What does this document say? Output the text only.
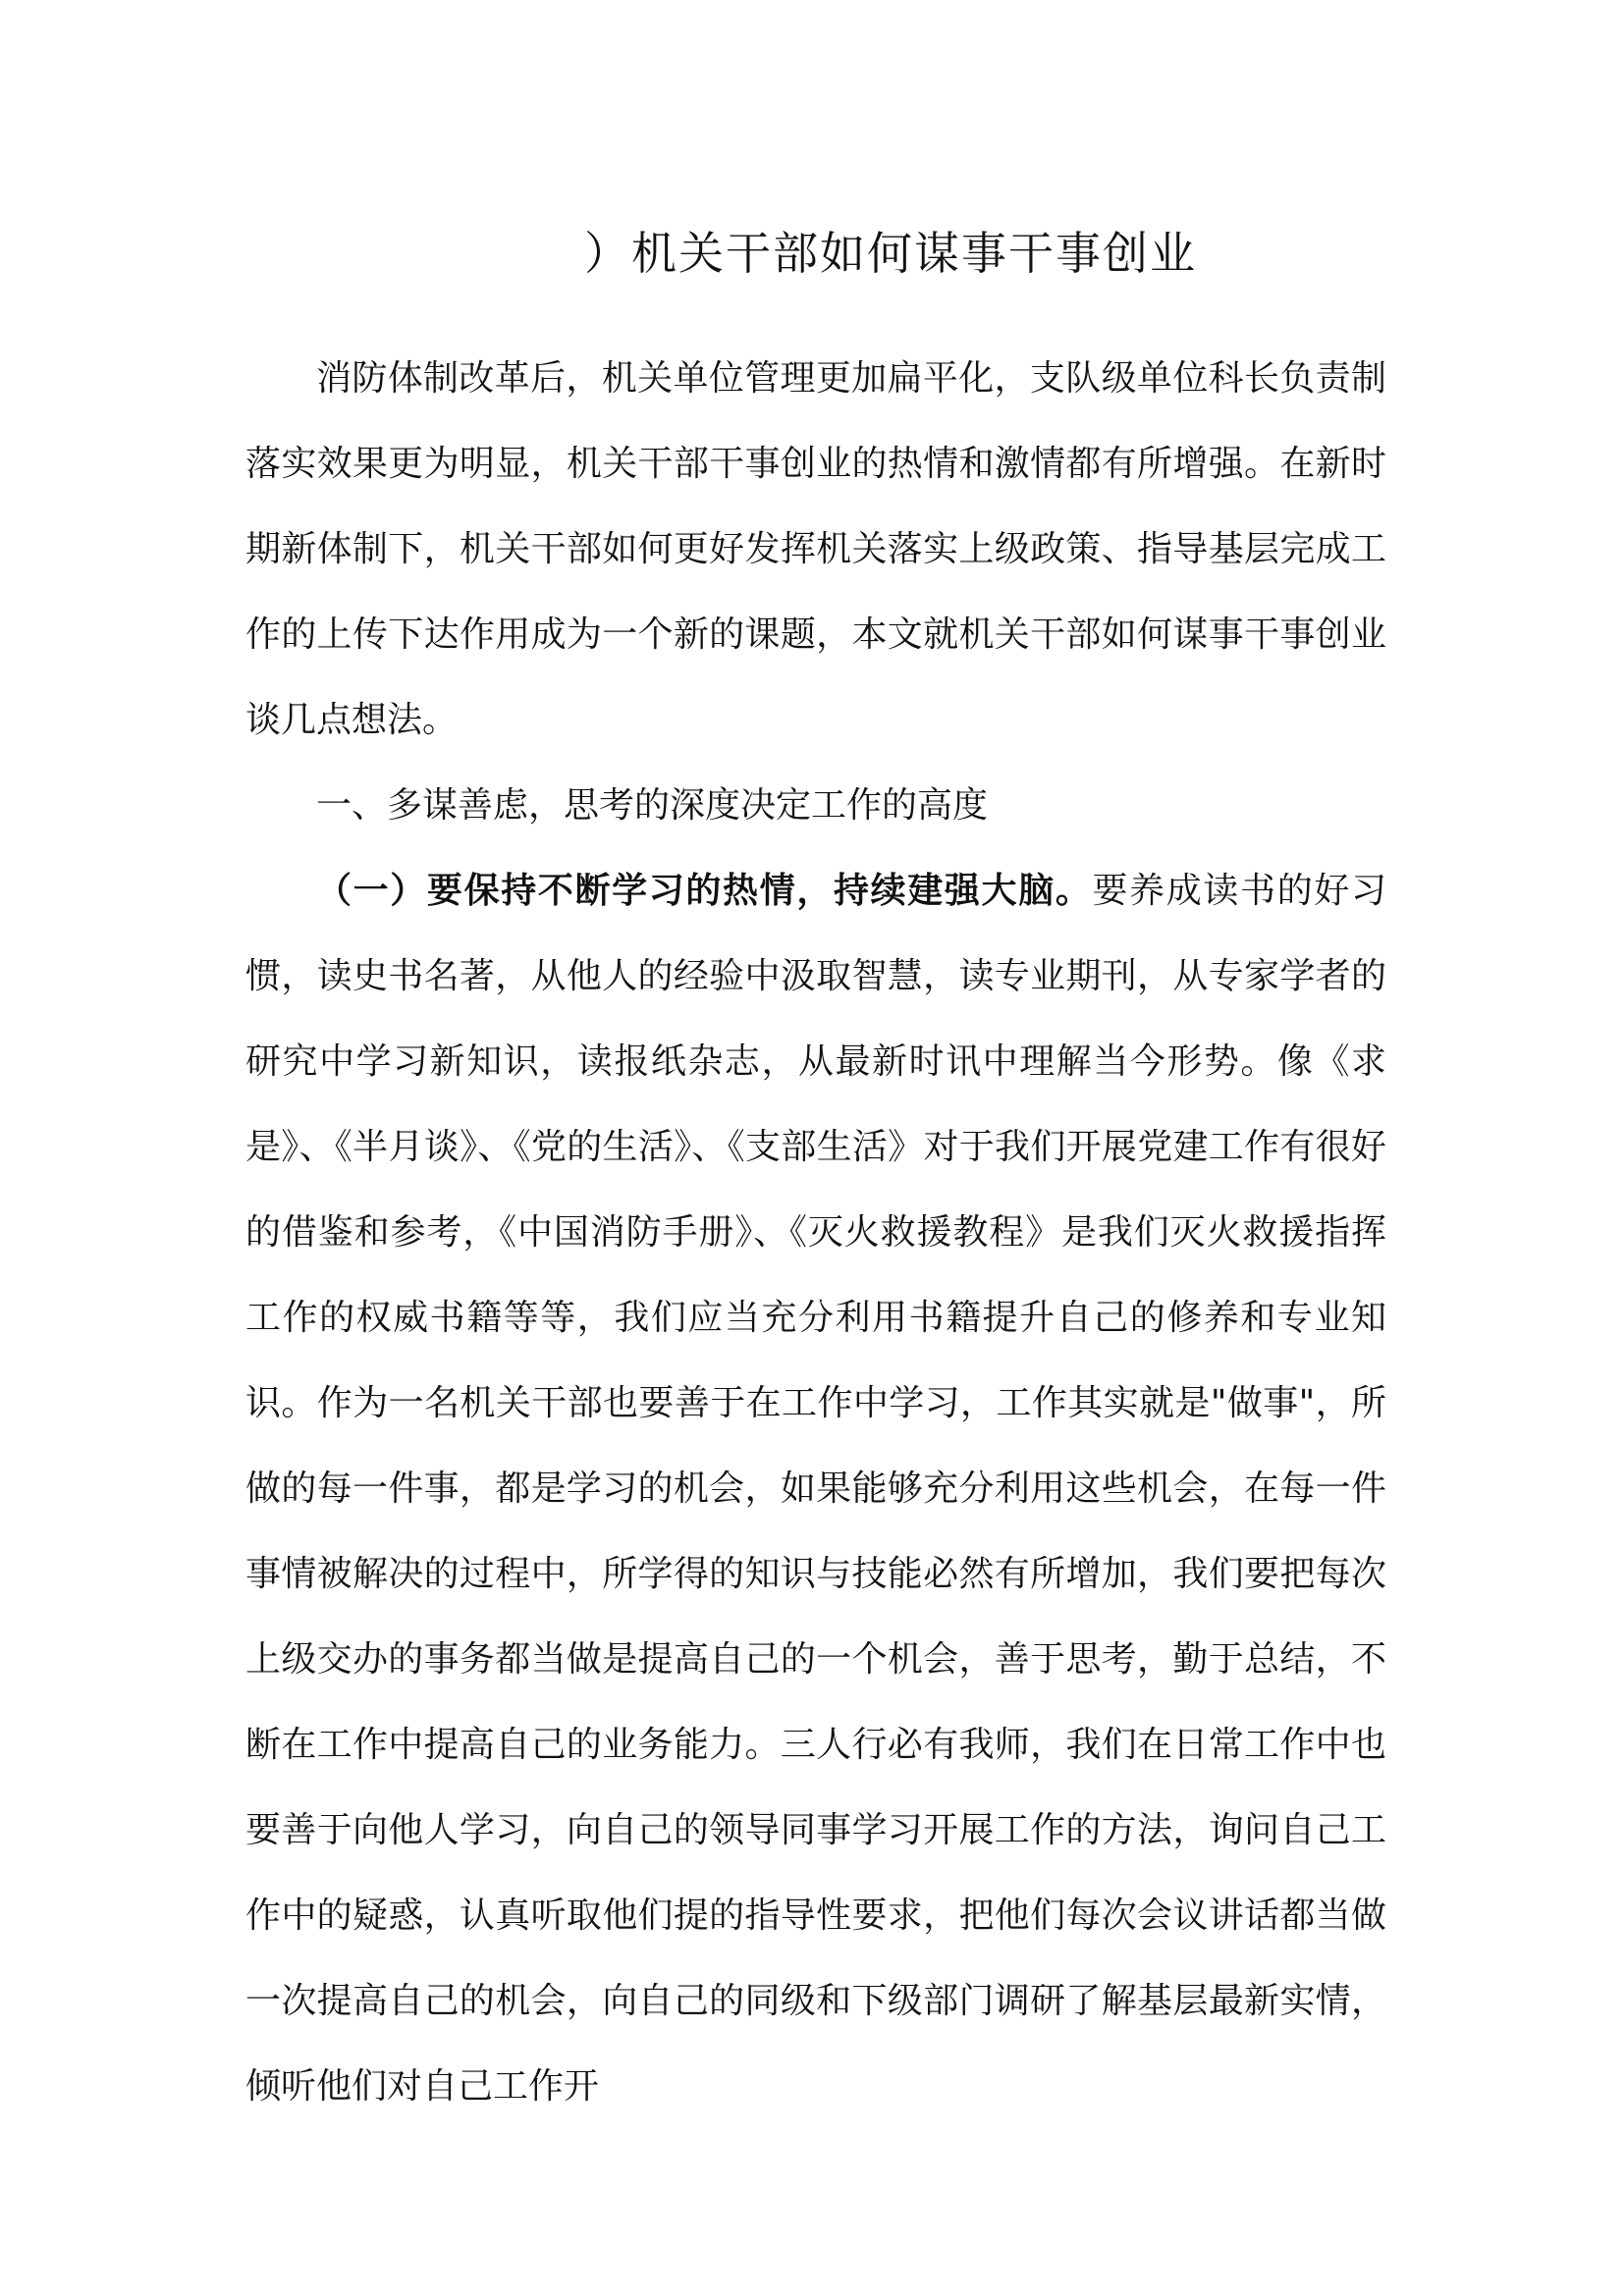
）机关干部如何谋事干事创业

消防体制改革后，机关单位管理更加扁平化，支队级单位科长负责制落实效果更为明显，机关干部干事创业的热情和激情都有所增强。在新时期新体制下，机关干部如何更好发挥机关落实上级政策、指导基层完成工作的上传下达作用成为一个新的课题，本文就机关干部如何谋事干事创业谈几点想法。

一、多谋善虑，思考的深度决定工作的高度

（一）要保持不断学习的热情，持续建强大脑。要养成读书的好习惯，读史书名著，从他人的经验中汲取智慧，读专业期刊，从专家学者的研究中学习新知识，读报纸杂志，从最新时讯中理解当今形势。像《求是》、《半月谈》、《党的生活》、《支部生活》对于我们开展党建工作有很好的借鉴和参考，《中国消防手册》、《灭火救援教程》是我们灭火救援指挥工作的权威书籍等等，我们应当充分利用书籍提升自己的修养和专业知识。作为一名机关干部也要善于在工作中学习，工作其实就是"做事"，所做的每一件事，都是学习的机会，如果能够充分利用这些机会，在每一件事情被解决的过程中，所学得的知识与技能必然有所增加，我们要把每次上级交办的事务都当做是提高自己的一个机会，善于思考，勤于总结，不断在工作中提高自己的业务能力。三人行必有我师，我们在日常工作中也要善于向他人学习，向自己的领导同事学习开展工作的方法，询问自己工作中的疑惑，认真听取他们提的指导性要求，把他们每次会议讲话都当做一次提高自己的机会，向自己的同级和下级部门调研了解基层最新实情，倾听他们对自己工作开
